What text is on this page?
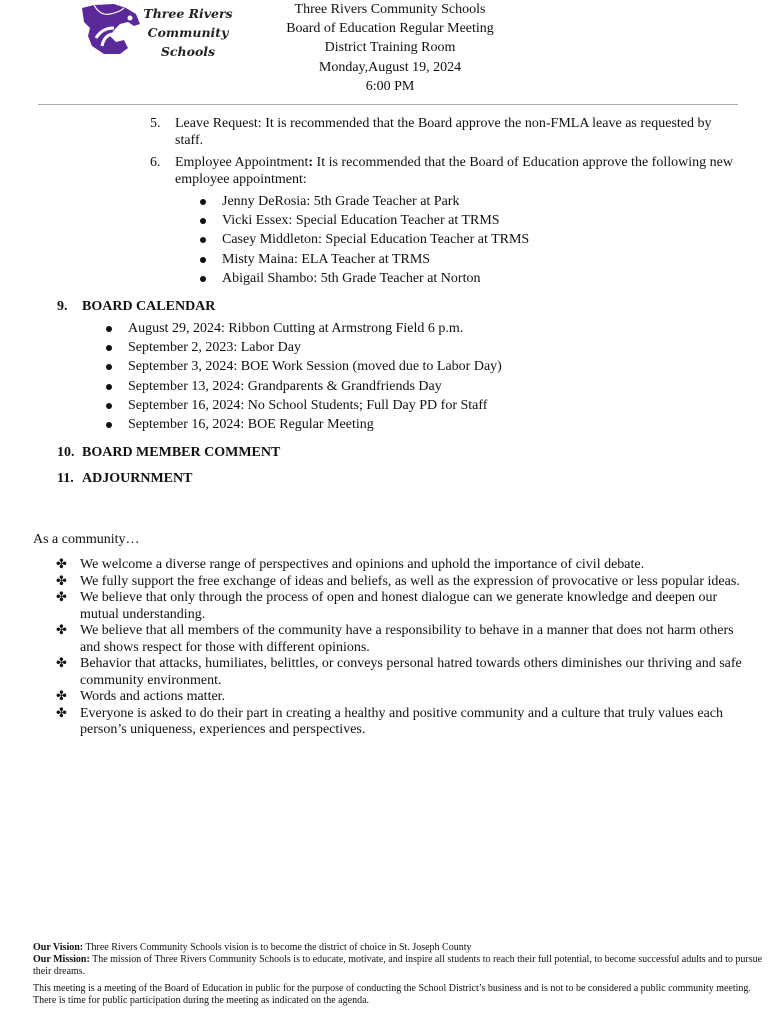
Three Rivers
Community
Schools
Three Rivers Community Schools
Board of Education Regular Meeting
District Training Room
Monday,August 19, 2024
6:00 PM
5. Leave Request: It is recommended that the Board approve the non-FMLA leave as requested by staff.
6. Employee Appointment: It is recommended that the Board of Education approve the following new employee appointment:
Jenny DeRosia: 5th Grade Teacher at Park
Vicki Essex: Special Education Teacher at TRMS
Casey Middleton: Special Education Teacher at TRMS
Misty Maina: ELA Teacher at TRMS
Abigail Shambo: 5th Grade Teacher at Norton
9. BOARD CALENDAR
August 29, 2024: Ribbon Cutting at Armstrong Field 6 p.m.
September 2, 2023: Labor Day
September 3, 2024: BOE Work Session (moved due to Labor Day)
September 13, 2024: Grandparents & Grandfriends Day
September 16, 2024: No School Students; Full Day PD for Staff
September 16, 2024: BOE Regular Meeting
10. BOARD MEMBER COMMENT
11. ADJOURNMENT
As a community…
✤ We welcome a diverse range of perspectives and opinions and uphold the importance of civil debate.
✤ We fully support the free exchange of ideas and beliefs, as well as the expression of provocative or less popular ideas.
✤ We believe that only through the process of open and honest dialogue can we generate knowledge and deepen our mutual understanding.
✤ We believe that all members of the community have a responsibility to behave in a manner that does not harm others and shows respect for those with different opinions.
✤ Behavior that attacks, humiliates, belittles, or conveys personal hatred towards others diminishes our thriving and safe community environment.
✤ Words and actions matter.
✤ Everyone is asked to do their part in creating a healthy and positive community and a culture that truly values each person’s uniqueness, experiences and perspectives.

Our Vision: Three Rivers Community Schools vision is to become the district of choice in St. Joseph County

Our Mission: The mission of Three Rivers Community Schools is to educate, motivate, and inspire all students to reach their full potential, to become successful adults and to pursue their dreams.

This meeting is a meeting of the Board of Education in public for the purpose of conducting the School District’s business and is not to be considered a public community meeting. There is time for public participation during the meeting as indicated on the agenda.
